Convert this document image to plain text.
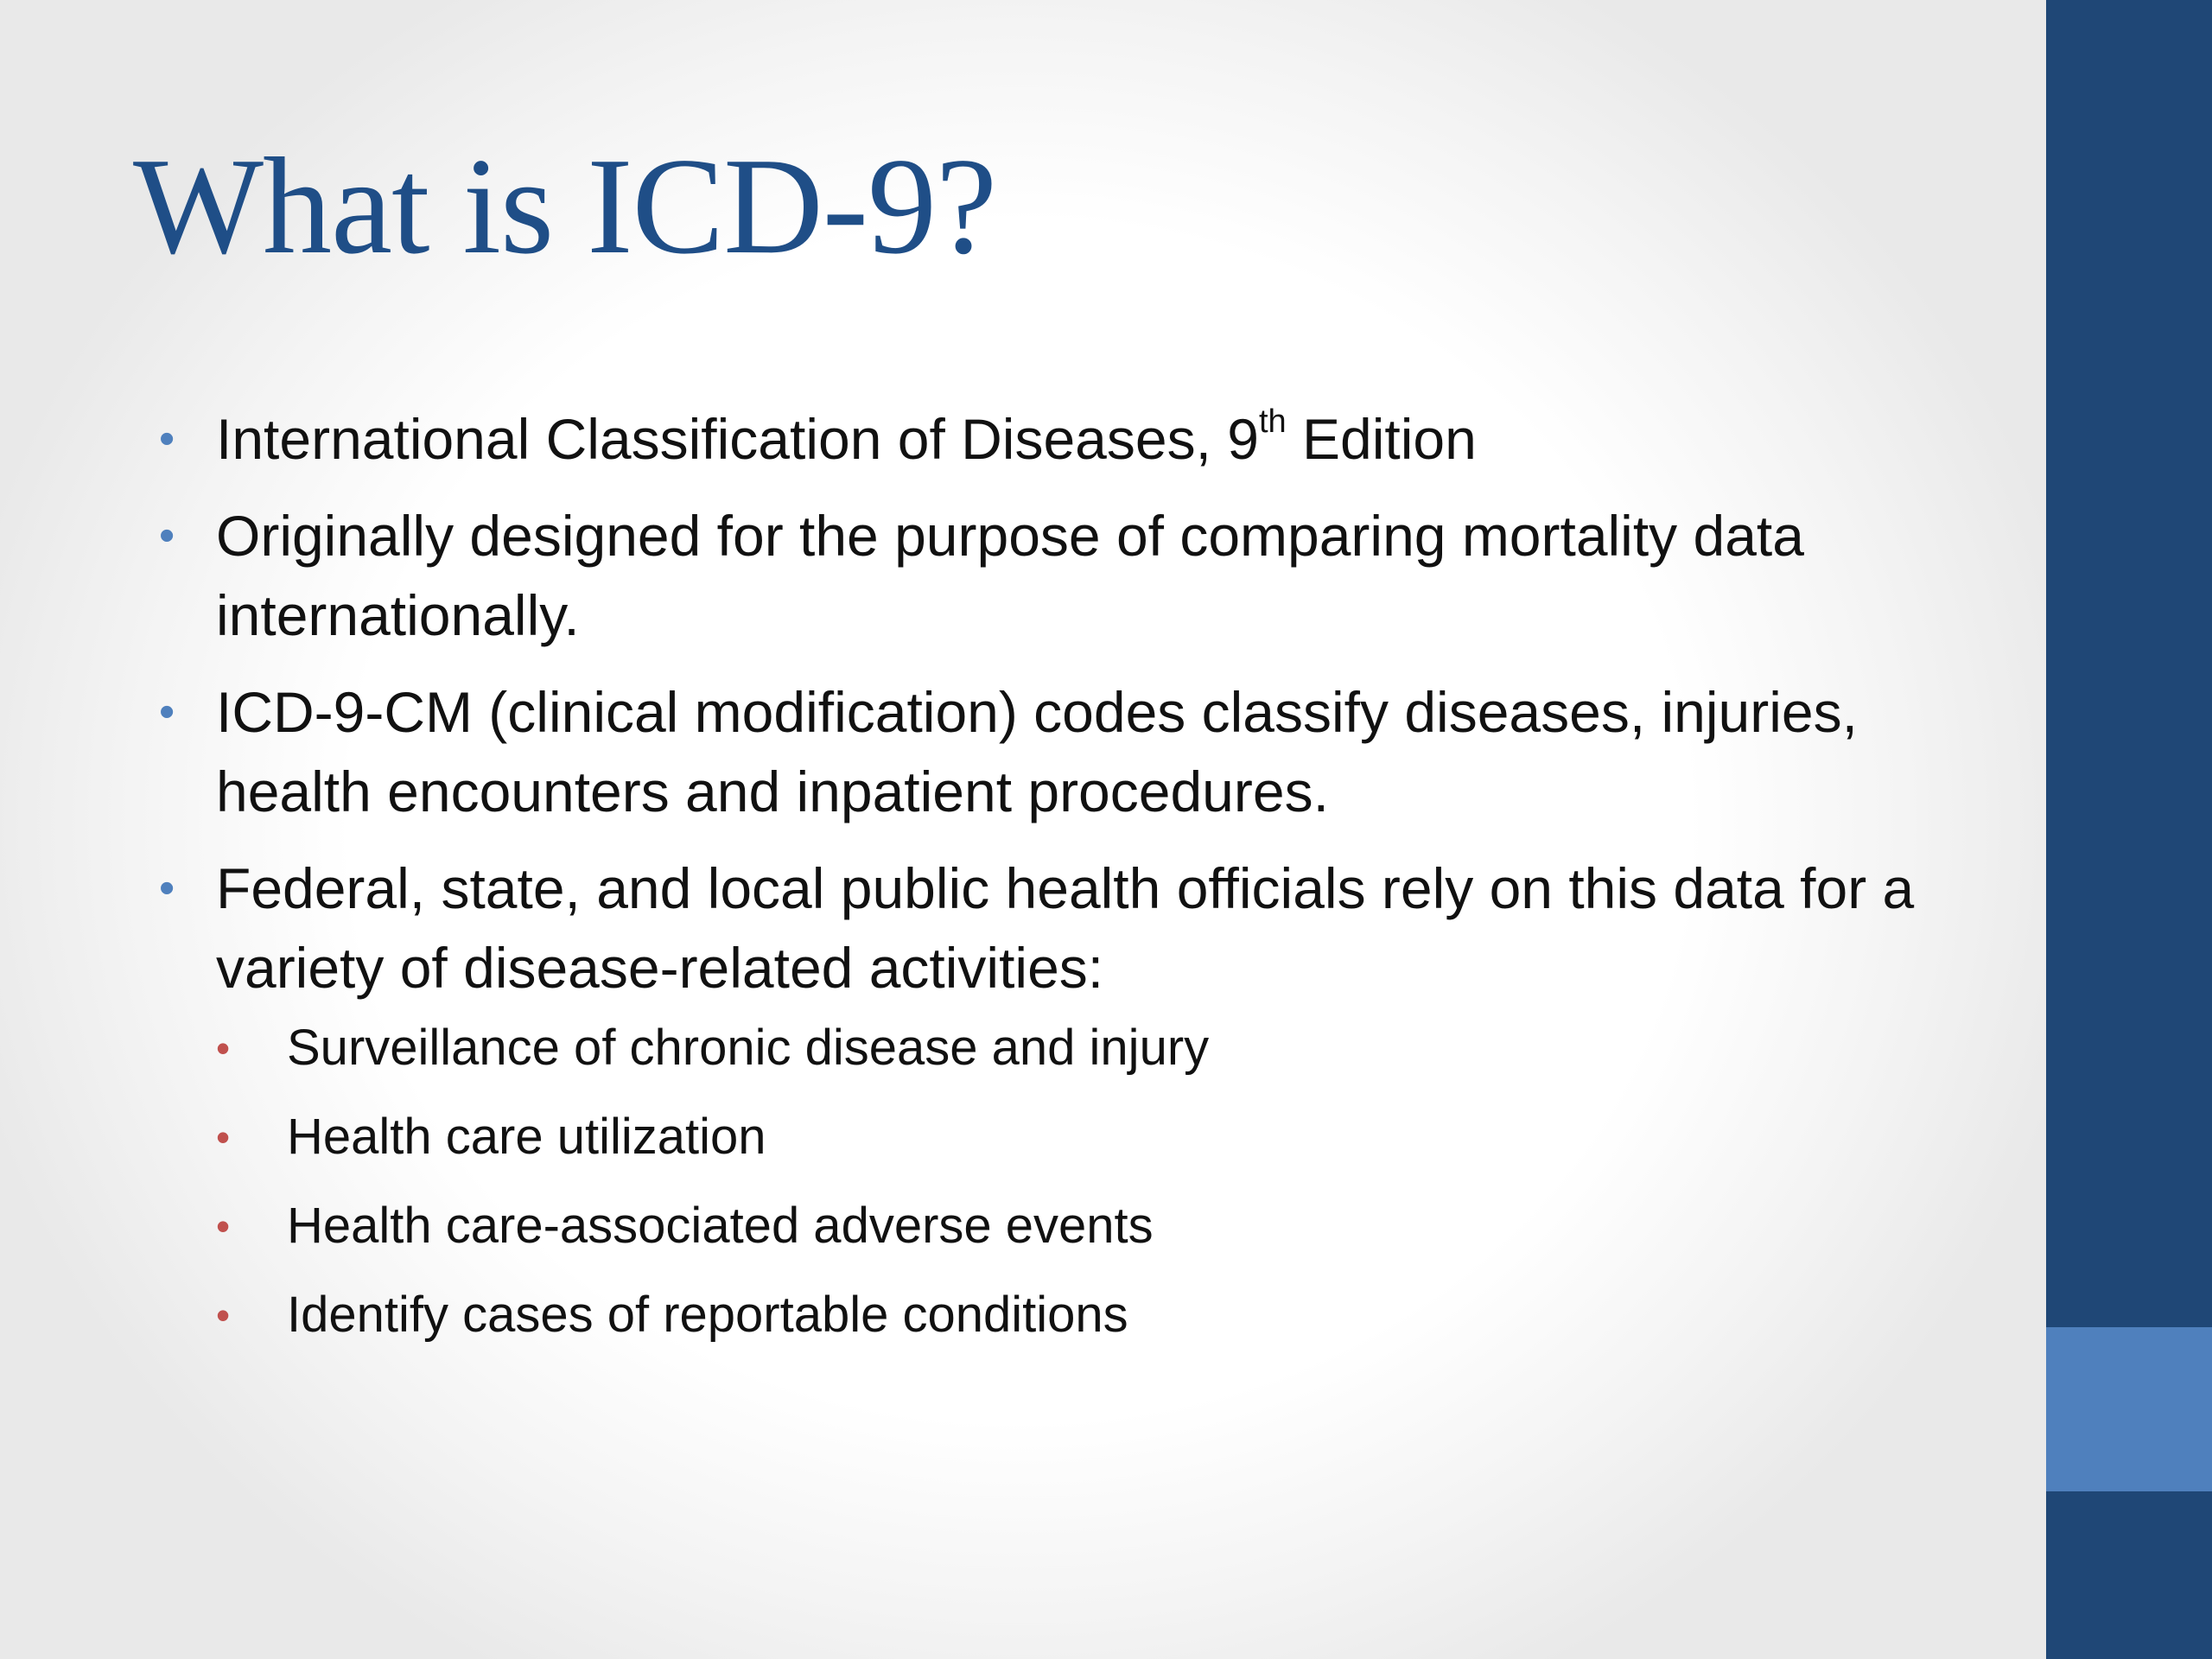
What is ICD-9?
• International Classification of Diseases, 9th Edition
• Originally designed for the purpose of comparing mortality data internationally.
• ICD-9-CM (clinical modification) codes classify diseases, injuries, health encounters and inpatient procedures.
• Federal, state, and local public health officials rely on this data for a variety of disease-related activities:
• Surveillance of chronic disease and injury
• Health care utilization
• Health care-associated adverse events
• Identify cases of reportable conditions
